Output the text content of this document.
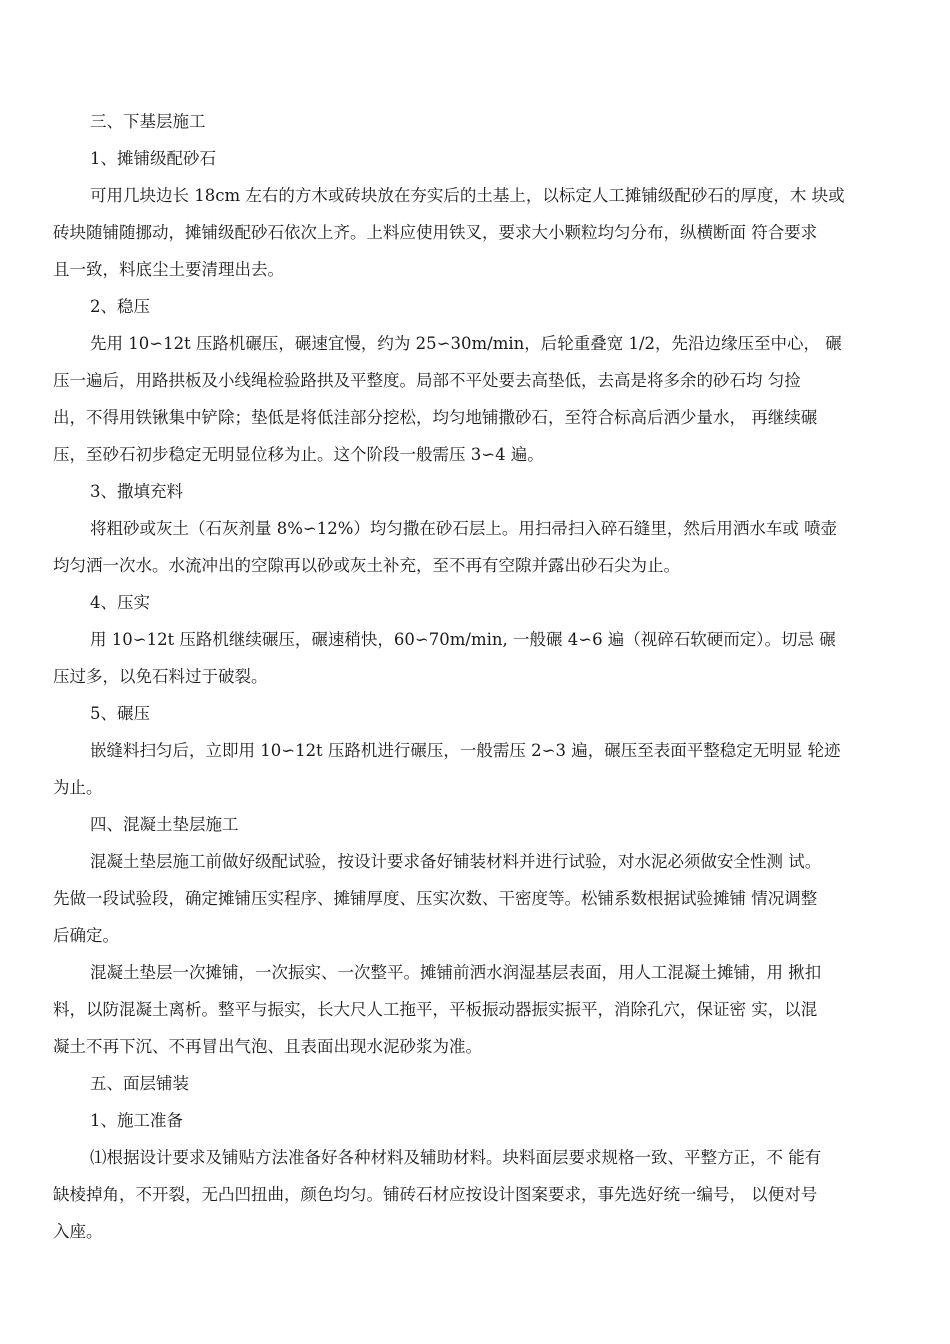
三、下基层施工
1、摊铺级配砂石
可用几块边长 18cm 左右的方木或砖块放在夯实后的土基上，以标定人工摊铺级配砂石的厚度，木 块或
砖块随铺随挪动，摊铺级配砂石依次上齐。上料应使用铁叉，要求大小颗粒均匀分布，纵横断面 符合要求
且一致，料底尘土要清理出去。
2、稳压
先用 10∽12t 压路机碾压，碾速宜慢，约为 25∽30m/min，后轮重叠宽 1/2，先沿边缘压至中心， 碾
压一遍后，用路拱板及小线绳检验路拱及平整度。局部不平处要去高垫低，去高是将多余的砂石均 匀捡
出，不得用铁锹集中铲除；垫低是将低洼部分挖松，均匀地铺撒砂石，至符合标高后洒少量水， 再继续碾
压，至砂石初步稳定无明显位移为止。这个阶段一般需压 3∽4 遍。
3、撒填充料
将粗砂或灰土（石灰剂量 8%∽12%）均匀撒在砂石层上。用扫帚扫入碎石缝里，然后用洒水车或 喷壶
均匀洒一次水。水流冲出的空隙再以砂或灰土补充，至不再有空隙并露出砂石尖为止。
4、压实
用 10∽12t 压路机继续碾压，碾速稍快，60∽70m/min, 一般碾 4∽6 遍（视碎石软硬而定）。切忌 碾
压过多，以免石料过于破裂。
5、碾压
嵌缝料扫匀后，立即用 10∽12t 压路机进行碾压，一般需压 2∽3 遍，碾压至表面平整稳定无明显 轮迹
为止。
四、混凝土垫层施工
混凝土垫层施工前做好级配试验，按设计要求备好铺装材料并进行试验，对水泥必须做安全性测 试。
先做一段试验段，确定摊铺压实程序、摊铺厚度、压实次数、干密度等。松铺系数根据试验摊铺 情况调整
后确定。
混凝土垫层一次摊铺，一次振实、一次整平。摊铺前洒水润湿基层表面，用人工混凝土摊铺，用 揪扣
料，以防混凝土离析。整平与振实，长大尺人工拖平，平板振动器振实振平，消除孔穴，保证密 实，以混
凝土不再下沉、不再冒出气泡、且表面出现水泥砂浆为准。
五、面层铺装
1、施工准备
⑴根据设计要求及铺贴方法准备好各种材料及辅助材料。块料面层要求规格一致、平整方正，不 能有
缺棱掉角，不开裂，无凸凹扭曲，颜色均匀。铺砖石材应按设计图案要求，事先选好统一编号， 以便对号
入座。
